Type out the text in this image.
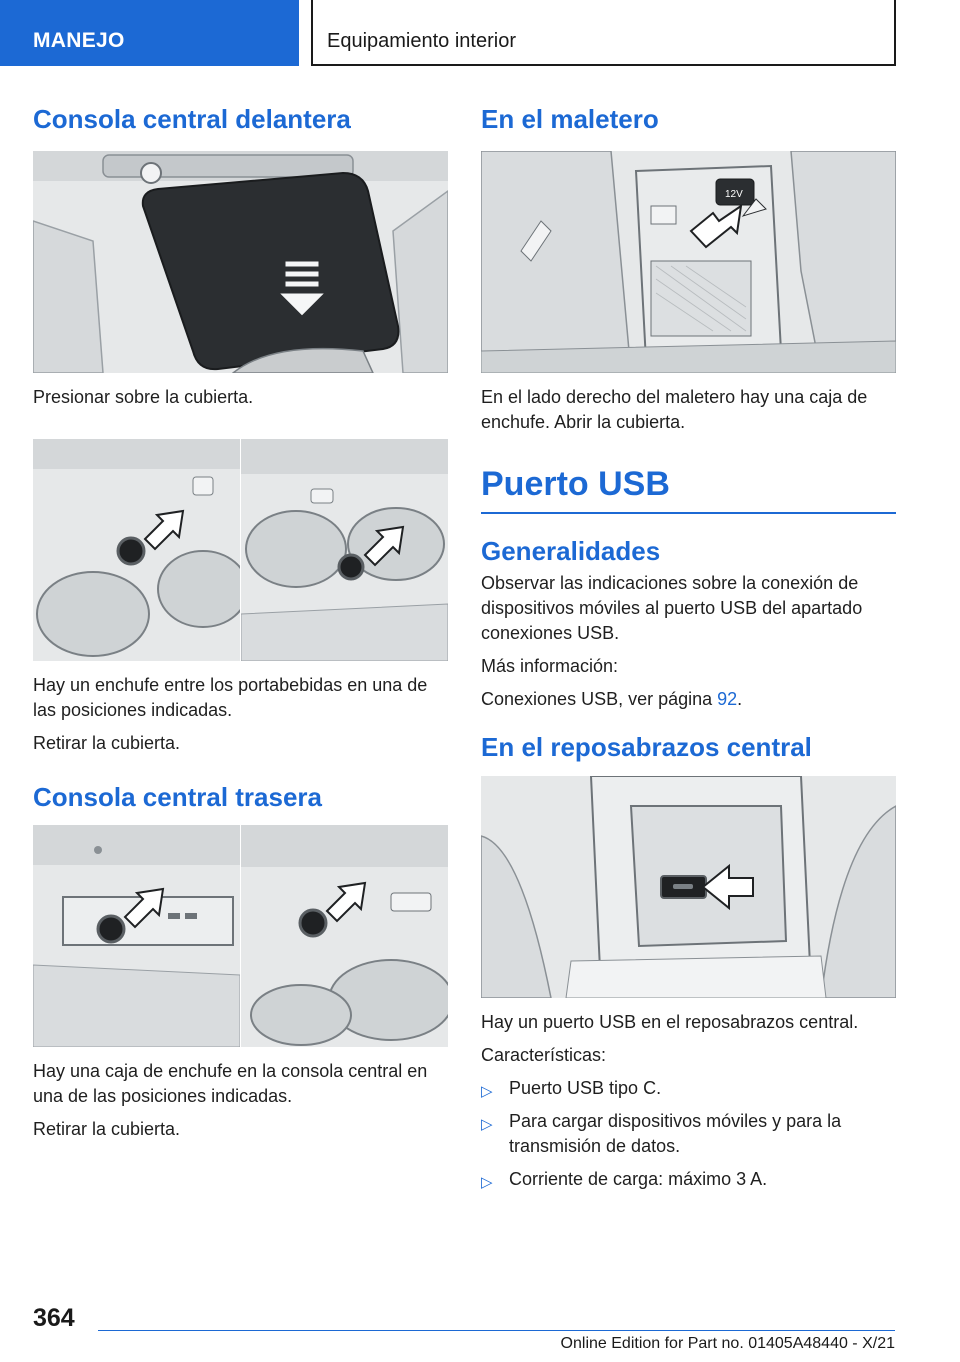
MANEJO	Equipamiento interior
Consola central delantera

Presionar sobre la cubierta.

Hay un enchufe entre los portabebidas en una de las posiciones indicadas.

Retirar la cubierta.

Consola central trasera

Hay una caja de enchufe en la consola central en una de las posiciones indicadas.

Retirar la cubierta.

En el maletero
12V

En el lado derecho del maletero hay una caja de enchufe. Abrir la cubierta.

Puerto USB
Generalidades

Observar las indicaciones sobre la conexión de dispositivos móviles al puerto USB del apartado conexiones USB.

Más información:

Conexiones USB, ver página 92.

En el reposabrazos central

Hay un puerto USB en el reposabrazos central.

Características:

▷ Puerto USB tipo C.
▷ Para cargar dispositivos móviles y para la transmisión de datos.
▷ Corriente de carga: máximo 3 A.
364
Online Edition for Part no. 01405A48440 - X/21
